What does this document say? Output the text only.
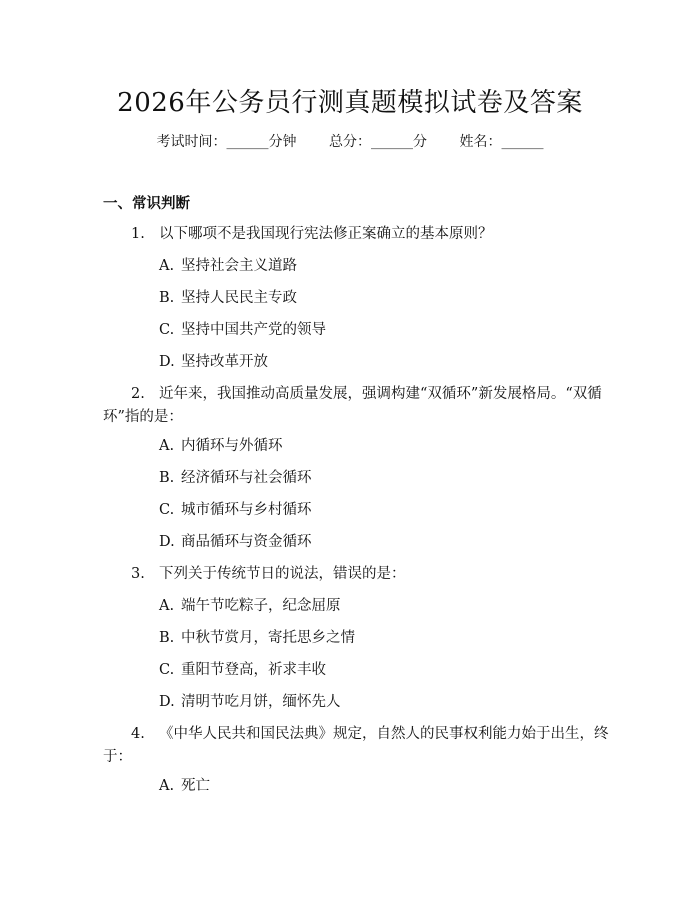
2026年公务员行测真题模拟试卷及答案
考试时间：______分钟 总分：______分 姓名：______
一、常识判断
1. 以下哪项不是我国现行宪法修正案确立的基本原则？
A. 坚持社会主义道路
B. 坚持人民民主专政
C. 坚持中国共产党的领导
D. 坚持改革开放
2. 近年来，我国推动高质量发展，强调构建“双循环”新发展格局。“双循
环”指的是：
A. 内循环与外循环
B. 经济循环与社会循环
C. 城市循环与乡村循环
D. 商品循环与资金循环
3. 下列关于传统节日的说法，错误的是：
A. 端午节吃粽子，纪念屈原
B. 中秋节赏月，寄托思乡之情
C. 重阳节登高，祈求丰收
D. 清明节吃月饼，缅怀先人
4. 《中华人民共和国民法典》规定，自然人的民事权利能力始于出生，终
于：
A. 死亡
